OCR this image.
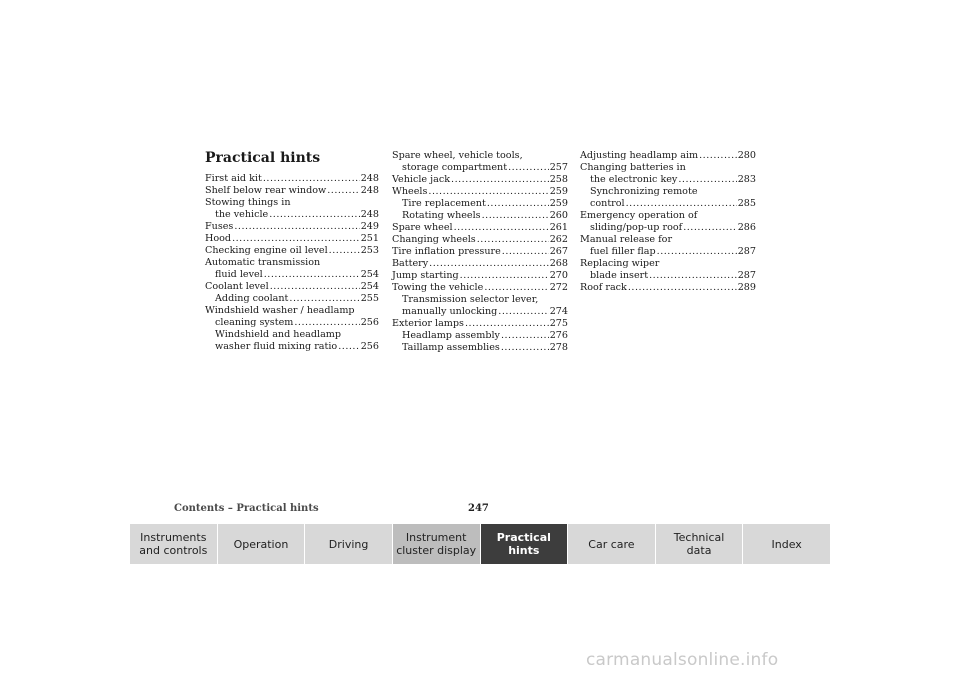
Practical hints
First aid kit .....	248
Shelf below rear window .....	248
Stowing things in
the vehicle .....	248
Fuses .....	249
Hood .....	251
Checking engine oil level .....	253
Automatic transmission
fluid level .....	254
Coolant level .....	254
Adding coolant .....	255
Windshield washer / headlamp
cleaning system .....	256
Windshield and headlamp
washer fluid mixing ratio ..... 256
Spare wheel, vehicle tools,
storage compartment .....	257
Vehicle jack .....	258
Wheels .....	259
Tire replacement .....	259
Rotating wheels .....	260
Spare wheel .....	261
Changing wheels .....	262
Tire inflation pressure .....	267
Battery .....	268
Jump starting .....	270
Towing the vehicle .....	272
Transmission selector lever,
manually unlocking .....	274
Exterior lamps .....	275
Headlamp assembly .....	276
Taillamp assemblies .....	278
Adjusting headlamp aim .....	280
Changing batteries in
the electronic key .....	283
Synchronizing remote
control .....	285
Emergency operation of
sliding/pop-up roof .....	286
Manual release for
fuel filler flap .....	287
Replacing wiper
blade insert .....	287
Roof rack .....	289
Contents – Practical hints	247
Instruments
and controls	Operation	Driving	Instrument
cluster display
Practical hints	Car care	Technical
data	Index
carmanualsonline.info
